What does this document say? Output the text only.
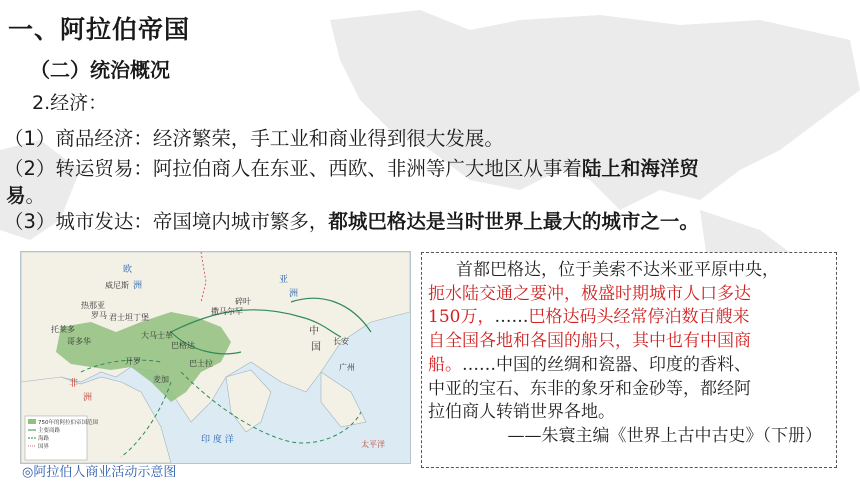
一、阿拉伯帝国
（二）统治概况
2.经济：
（1）商品经济：经济繁荣，手工业和商业得到很大发展。
（2）转运贸易：阿拉伯商人在东亚、西欧、非洲等广大地区从事着陆上和海洋贸
易。
（3）城市发达：帝国境内城市繁多，都城巴格达是当时世界上最大的城市之一。
欧
洲
亚
洲
非
洲
威尼斯
热那亚
君士坦丁堡
罗马
哥多华
托莱多
开罗
大马士革
巴格达
麦加
巴士拉
撒马尔罕
碎叶
中
国
长安
广州
印 度 洋	太平洋
750年的阿拉伯帝国范围
主要商路
海路
国界
◎阿拉伯人商业活动示意图
首都巴格达，位于美索不达米亚平原中央，
扼水陆交通之要冲，极盛时期城市人口多达
150万，……巴格达码头经常停泊数百艘来
自全国各地和各国的船只，其中也有中国商
船。……中国的丝绸和瓷器、印度的香料、
中亚的宝石、东非的象牙和金砂等，都经阿
拉伯商人转销世界各地。
——朱寰主编《世界上古中古史》（下册）
